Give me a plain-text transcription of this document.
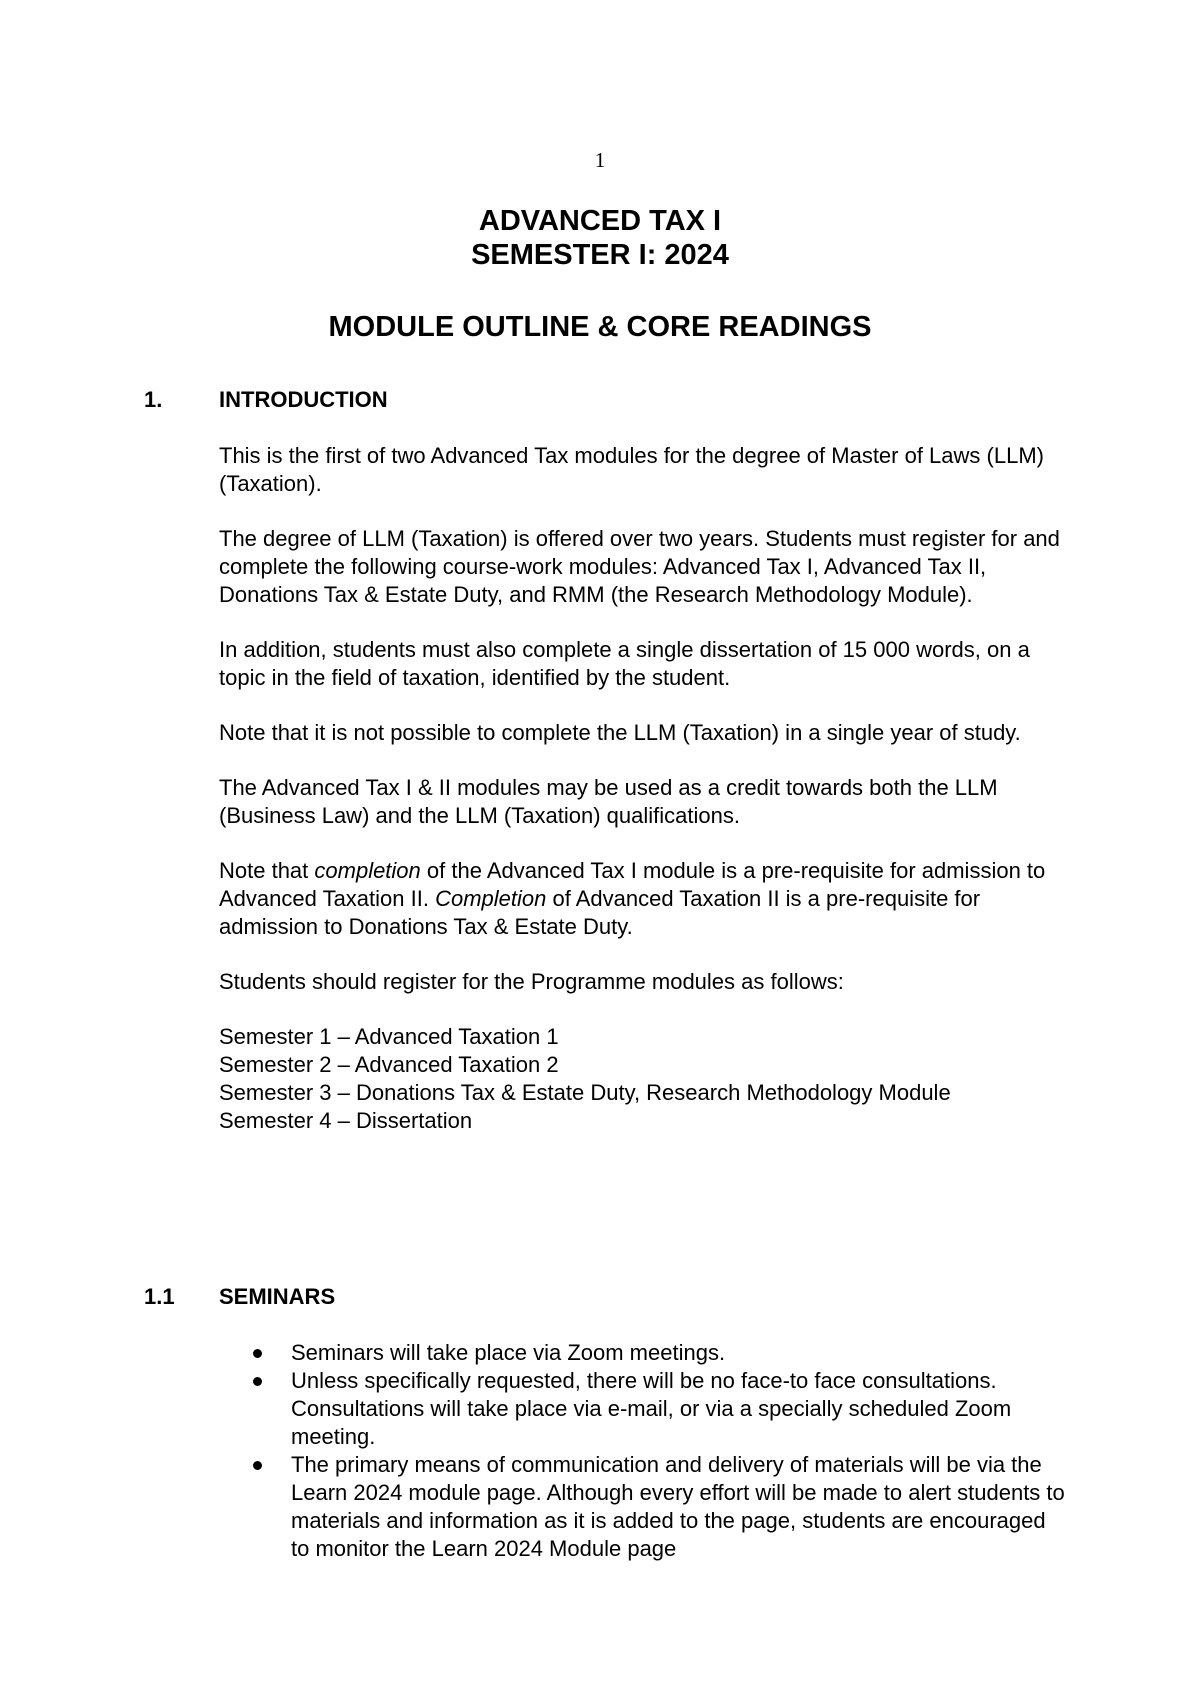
1
ADVANCED TAX I
SEMESTER I: 2024
MODULE OUTLINE & CORE READINGS
1.	INTRODUCTION

This is the first of two Advanced Tax modules for the degree of Master of Laws (LLM) (Taxation).

The degree of LLM (Taxation) is offered over two years. Students must register for and complete the following course-work modules: Advanced Tax I, Advanced Tax II, Donations Tax & Estate Duty, and RMM (the Research Methodology Module).

In addition, students must also complete a single dissertation of 15 000 words, on a topic in the field of taxation, identified by the student.

Note that it is not possible to complete the LLM (Taxation) in a single year of study.

The Advanced Tax I & II modules may be used as a credit towards both the LLM (Business Law) and the LLM (Taxation) qualifications.

Note that completion of the Advanced Tax I module is a pre-requisite for admission to Advanced Taxation II. Completion of Advanced Taxation II is a pre-requisite for admission to Donations Tax & Estate Duty.

Students should register for the Programme modules as follows:

Semester 1 – Advanced Taxation 1

Semester 2 – Advanced Taxation 2

Semester 3 – Donations Tax & Estate Duty, Research Methodology Module

Semester 4 – Dissertation

1.1 SEMINARS
Seminars will take place via Zoom meetings.
Unless specifically requested, there will be no face-to face consultations. Consultations will take place via e-mail, or via a specially scheduled Zoom meeting.
The primary means of communication and delivery of materials will be via the Learn 2024 module page. Although every effort will be made to alert students to materials and information as it is added to the page, students are encouraged to monitor the Learn 2024 Module page
